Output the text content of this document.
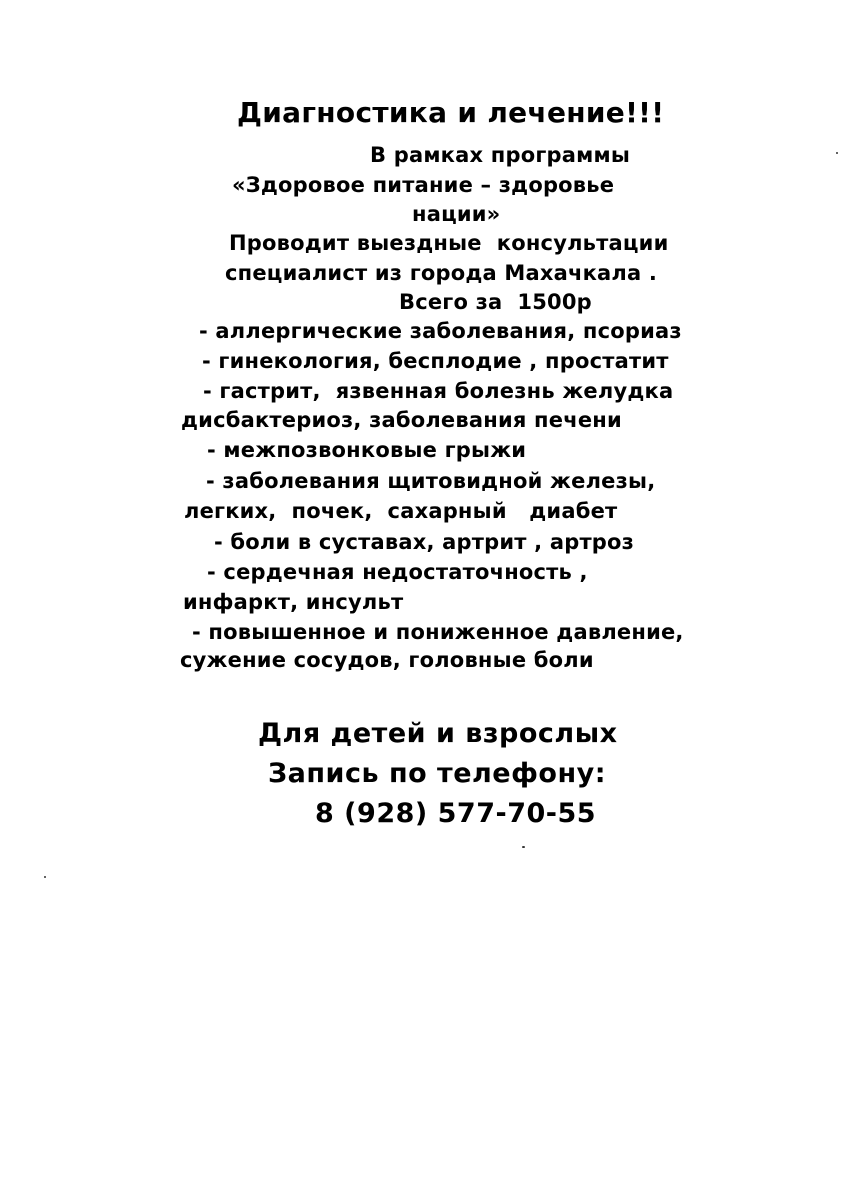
Диагностика и лечение!!!
В рамках программы
«Здоровое питание – здоровье
нации»
Проводит выездные  консультации
специалист из города Махачкала .
Всего за  1500р
- аллергические заболевания, псориаз
- гинекология, бесплодие , простатит
- гастрит,  язвенная болезнь желудка
дисбактериоз, заболевания печени
- межпозвонковые грыжи
- заболевания щитовидной железы,
легких,  почек,  сахарный   диабет
- боли в суставах, артрит , артроз
- сердечная недостаточность ,
инфаркт, инсульт
- повышенное и пониженное давление,
сужение сосудов, головные боли
Для детей и взрослых
Запись по телефону:
8 (928) 577-70-55
